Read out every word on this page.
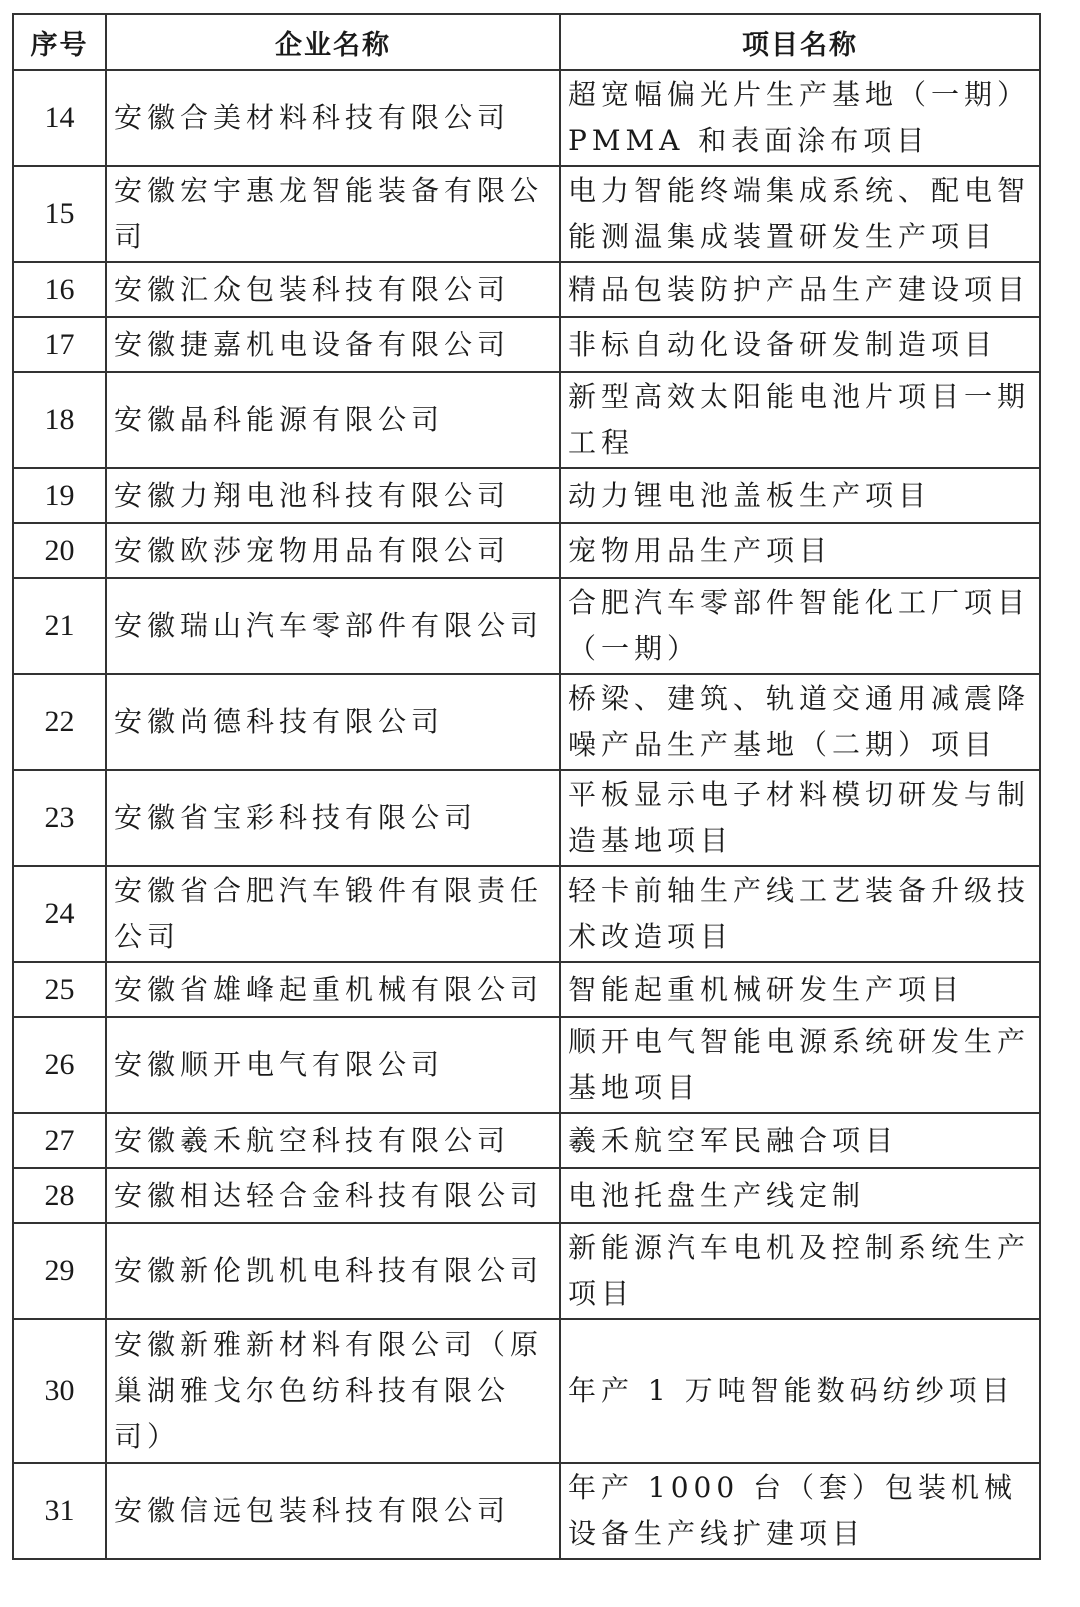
序号	企业名称	项目名称
14	安徽合美材料科技有限公司	超宽幅偏光片生产基地（一期）PMMA 和表面涂布项目
15	安徽宏宇惠龙智能装备有限公司	电力智能终端集成系统、配电智能测温集成装置研发生产项目
16	安徽汇众包装科技有限公司	精品包装防护产品生产建设项目
17	安徽捷嘉机电设备有限公司	非标自动化设备研发制造项目
18	安徽晶科能源有限公司	新型高效太阳能电池片项目一期工程
19	安徽力翔电池科技有限公司	动力锂电池盖板生产项目
20	安徽欧莎宠物用品有限公司	宠物用品生产项目
21	安徽瑞山汽车零部件有限公司	合肥汽车零部件智能化工厂项目（一期）
22	安徽尚德科技有限公司	桥梁、建筑、轨道交通用减震降噪产品生产基地（二期）项目
23	安徽省宝彩科技有限公司	平板显示电子材料模切研发与制造基地项目
24	安徽省合肥汽车锻件有限责任公司	轻卡前轴生产线工艺装备升级技术改造项目
25	安徽省雄峰起重机械有限公司	智能起重机械研发生产项目
26	安徽顺开电气有限公司	顺开电气智能电源系统研发生产基地项目
27	安徽羲禾航空科技有限公司	羲禾航空军民融合项目
28	安徽相达轻合金科技有限公司	电池托盘生产线定制
29	安徽新伦凯机电科技有限公司	新能源汽车电机及控制系统生产项目
30	安徽新雅新材料有限公司（原巢湖雅戈尔色纺科技有限公司）	年产 1 万吨智能数码纺纱项目
31	安徽信远包装科技有限公司	年产 1000 台（套）包装机械设备生产线扩建项目
